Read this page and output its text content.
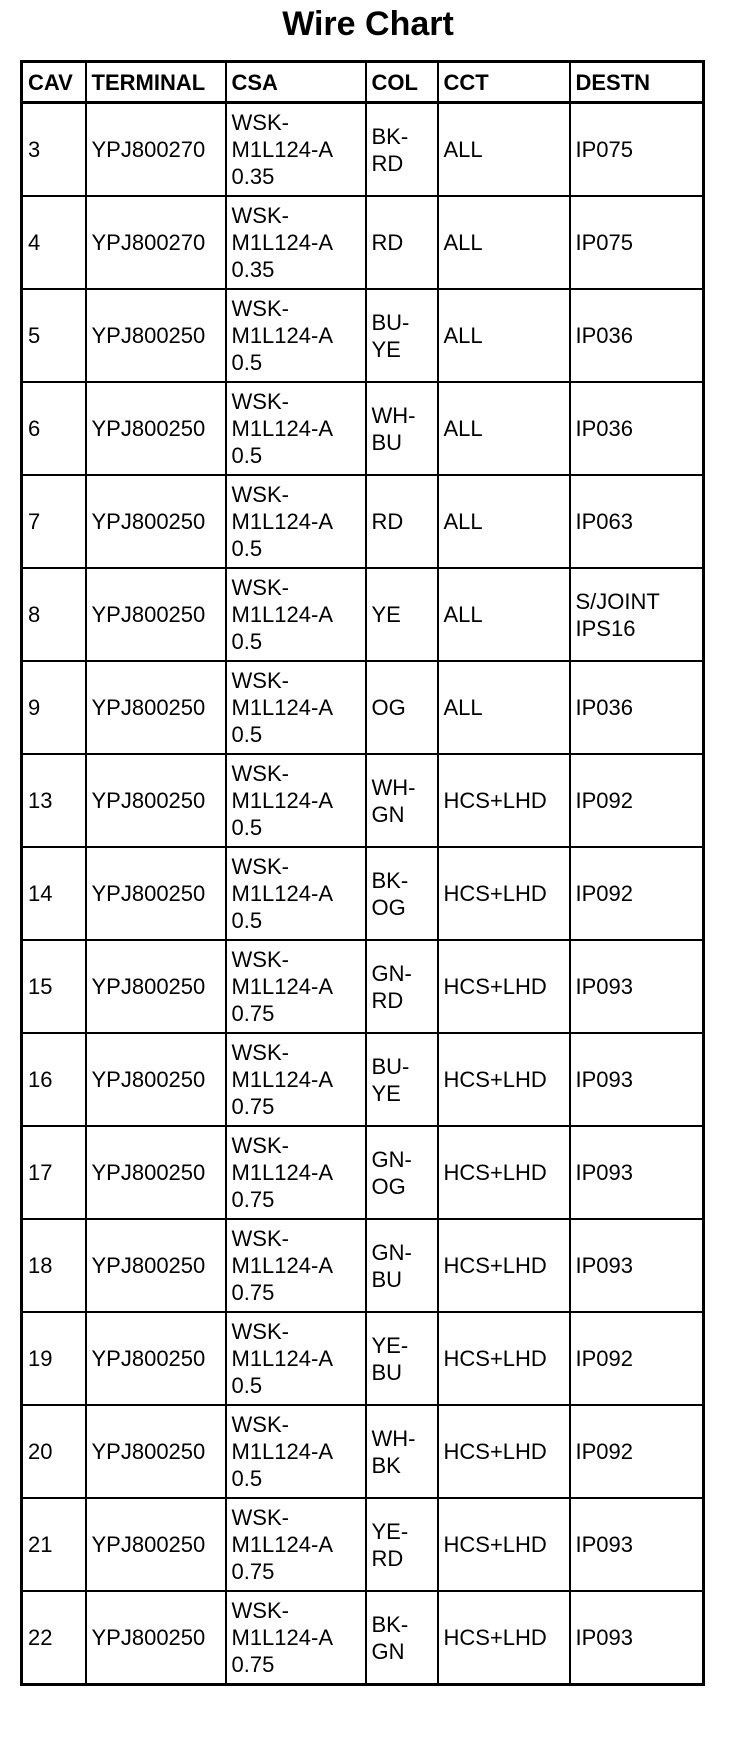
Wire Chart
CAV	TERMINAL	CSA	COL	CCT	DESTN
3	YPJ800270	WSK-
M1L124-A
0.35	BK-
RD	ALL	IP075

4	YPJ800270	WSK-
M1L124-A
0.35	RD	ALL	IP075

5	YPJ800250	WSK-
M1L124-A
0.5	BU-
YE	ALL	IP036

6	YPJ800250	WSK-
M1L124-A
0.5	WH-
BU	ALL	IP036

7	YPJ800250	WSK-
M1L124-A
0.5	RD	ALL	IP063

8	YPJ800250	WSK-
M1L124-A
0.5	YE	ALL	S/JOINT
IPS16

9	YPJ800250	WSK-
M1L124-A
0.5	OG	ALL	IP036

13	YPJ800250	WSK-
M1L124-A
0.5	WH-
GN	HCS+LHD	IP092

14	YPJ800250	WSK-
M1L124-A
0.5	BK-
OG	HCS+LHD	IP092

15	YPJ800250	WSK-
M1L124-A
0.75	GN-
RD	HCS+LHD	IP093

16	YPJ800250	WSK-
M1L124-A
0.75	BU-
YE	HCS+LHD	IP093

17	YPJ800250	WSK-
M1L124-A
0.75	GN-
OG	HCS+LHD	IP093

18	YPJ800250	WSK-
M1L124-A
0.75	GN-
BU	HCS+LHD	IP093

19	YPJ800250	WSK-
M1L124-A
0.5	YE-
BU	HCS+LHD	IP092

20	YPJ800250	WSK-
M1L124-A
0.5	WH-
BK	HCS+LHD	IP092

21	YPJ800250	WSK-
M1L124-A
0.75	YE-
RD	HCS+LHD	IP093

22	YPJ800250	WSK-
M1L124-A
0.75	BK-
GN	HCS+LHD	IP093
